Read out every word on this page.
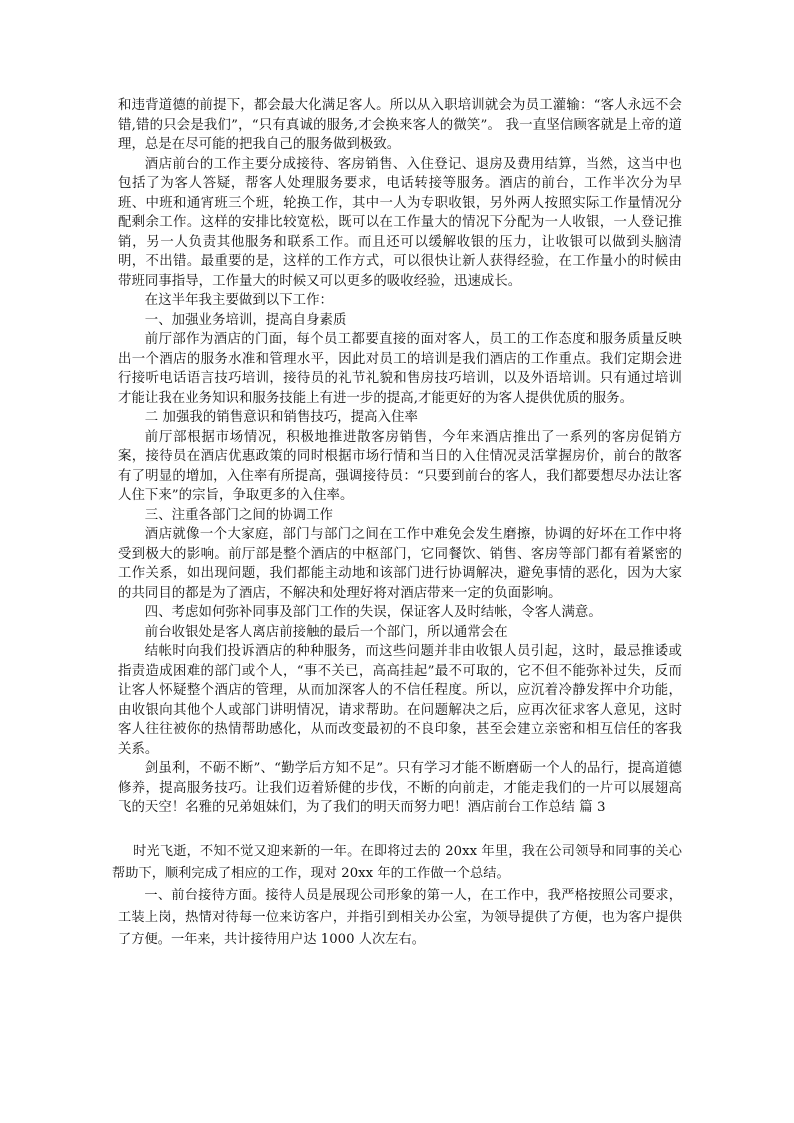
和违背道德的前提下，都会最大化满足客人。所以从入职培训就会为员工灌输：“客人永远不会错,错的只会是我们”，“只有真诚的服务,才会换来客人的微笑”。 我一直坚信顾客就是上帝的道理，总是在尽可能的把我自己的服务做到极致。

酒店前台的工作主要分成接待、客房销售、入住登记、退房及费用结算，当然，这当中也包括了为客人答疑，帮客人处理服务要求，电话转接等服务。酒店的前台，工作半次分为早班、中班和通宵班三个班，轮换工作，其中一人为专职收银，另外两人按照实际工作量情况分配剩余工作。这样的安排比较宽松，既可以在工作量大的情况下分配为一人收银，一人登记推销，另一人负责其他服务和联系工作。而且还可以缓解收银的压力，让收银可以做到头脑清明，不出错。最重要的是，这样的工作方式，可以很快让新人获得经验，在工作量小的时候由带班同事指导，工作量大的时候又可以更多的吸收经验，迅速成长。

在这半年我主要做到以下工作：

一、加强业务培训，提高自身素质

前厅部作为酒店的门面，每个员工都要直接的面对客人，员工的工作态度和服务质量反映出一个酒店的服务水准和管理水平，因此对员工的培训是我们酒店的工作重点。我们定期会进行接听电话语言技巧培训，接待员的礼节礼貌和售房技巧培训，以及外语培训。只有通过培训才能让我在业务知识和服务技能上有进一步的提高,才能更好的为客人提供优质的服务。

二 加强我的销售意识和销售技巧，提高入住率

前厅部根据市场情况，积极地推进散客房销售，今年来酒店推出了一系列的客房促销方案，接待员在酒店优惠政策的同时根据市场行情和当日的入住情况灵活掌握房价，前台的散客有了明显的增加，入住率有所提高，强调接待员：“只要到前台的客人，我们都要想尽办法让客人住下来”的宗旨，争取更多的入住率。

三、注重各部门之间的协调工作

酒店就像一个大家庭，部门与部门之间在工作中难免会发生磨擦，协调的好坏在工作中将受到极大的影响。前厅部是整个酒店的中枢部门，它同餐饮、销售、客房等部门都有着紧密的工作关系，如出现问题，我们都能主动地和该部门进行协调解决，避免事情的恶化，因为大家的共同目的都是为了酒店，不解决和处理好将对酒店带来一定的负面影响。

四、考虑如何弥补同事及部门工作的失误，保证客人及时结帐，令客人满意。

前台收银处是客人离店前接触的最后一个部门，所以通常会在

结帐时向我们投诉酒店的种种服务，而这些问题并非由收银人员引起，这时，最忌推诿或指责造成困难的部门或个人，“事不关已，高高挂起”最不可取的，它不但不能弥补过失，反而让客人怀疑整个酒店的管理，从而加深客人的不信任程度。所以，应沉着冷静发挥中介功能，由收银向其他个人或部门讲明情况，请求帮助。在问题解决之后，应再次征求客人意见，这时客人往往被你的热情帮助感化，从而改变最初的不良印象，甚至会建立亲密和相互信任的客我关系。

剑虽利，不砺不断”、“勤学后方知不足”。只有学习才能不断磨砺一个人的品行，提高道德修养，提高服务技巧。让我们迈着矫健的步伐，不断的向前走，才能走我们的一片可以展翅高飞的天空！名雅的兄弟姐妹们，为了我们的明天而努力吧！酒店前台工作总结 篇 3

时光飞逝，不知不觉又迎来新的一年。在即将过去的 20xx 年里，我在公司领导和同事的关心帮助下，顺利完成了相应的工作，现对 20xx 年的工作做一个总结。

一、前台接待方面。接待人员是展现公司形象的第一人，在工作中，我严格按照公司要求，工装上岗，热情对待每一位来访客户，并指引到相关办公室，为领导提供了方便，也为客户提供了方便。一年来，共计接待用户达 1000 人次左右。
